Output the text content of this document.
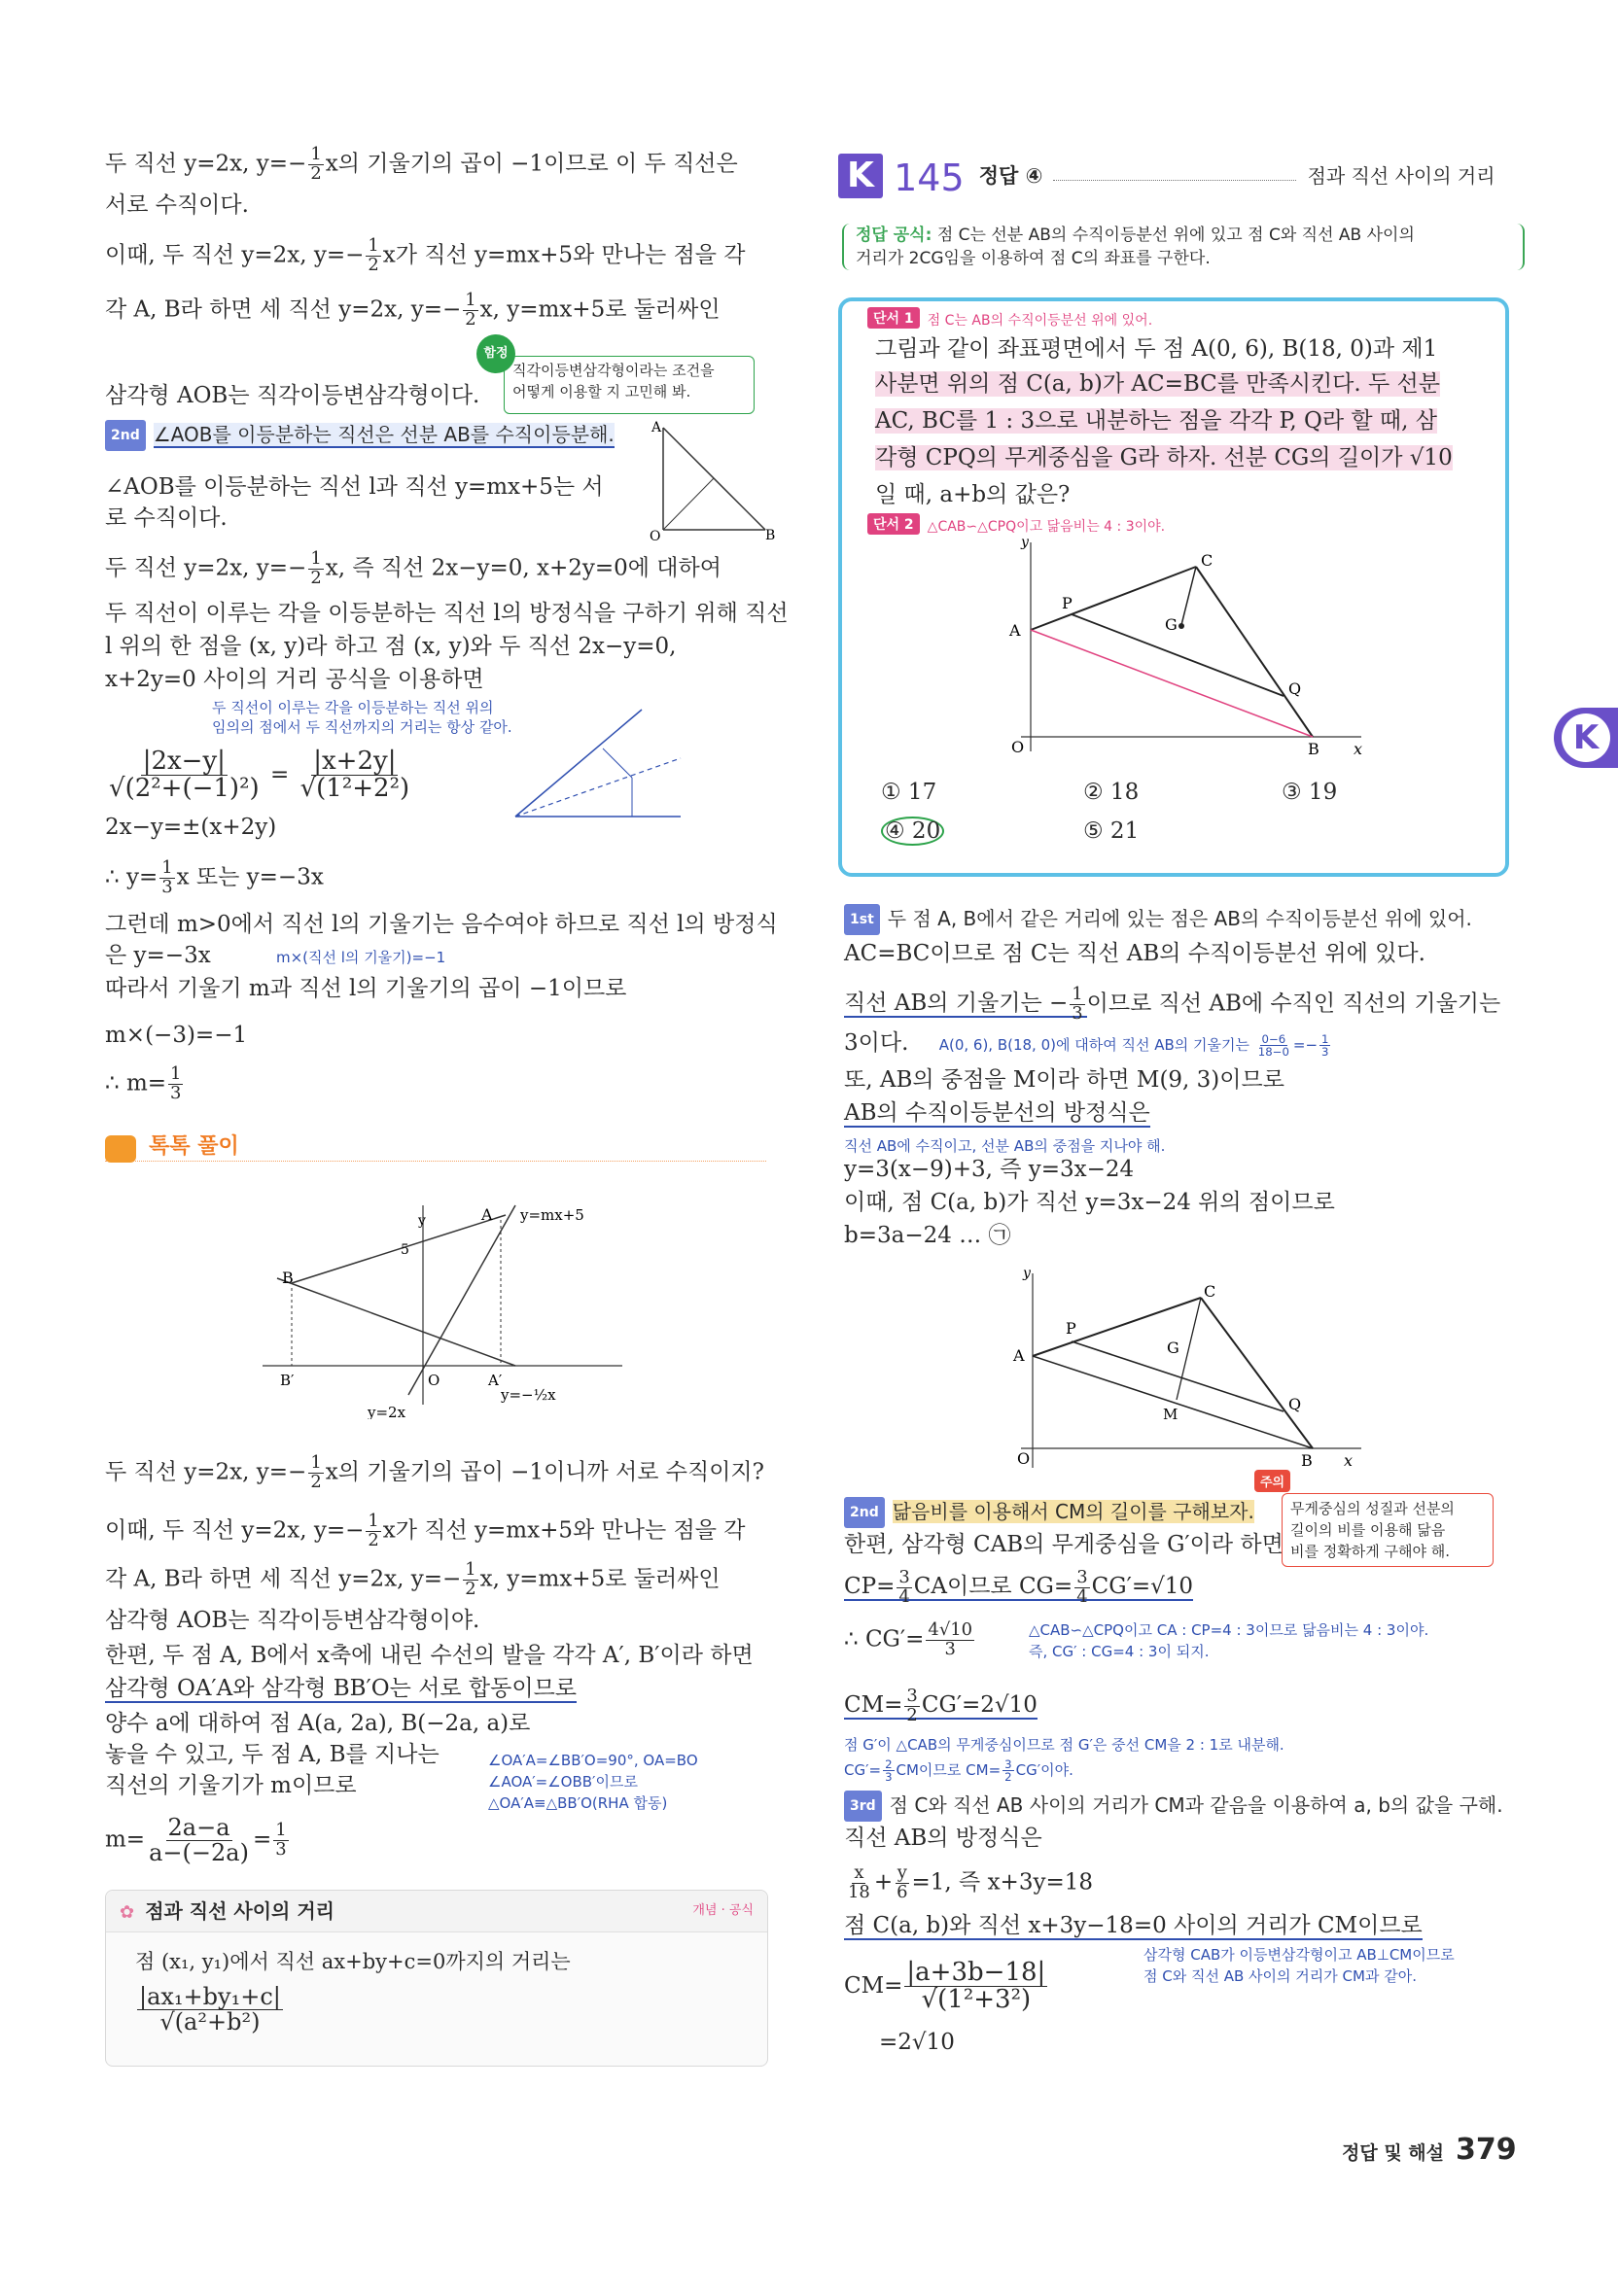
두 직선 y=2x, $y=- \frac{1}{2}$ x의 기울기의 곱이 −1이므로 이 두 직선은
서로 수직이다.
이때, 두 직선 y=2x, $y=- \frac{1}{2}$ x가 직선 y=mx+5와 만나는 점을 각
각 A, B라 하면 세 직선 y=2x, $y=- \frac{1}{2} x$, y=mx+5로 둘러싸인
함정
직각이등변삼각형이라는 조건을
어떻게 이용할 지 고민해 봐.
삼각형 AOB는 직각이등변삼각형이다.
2nd ∠AOB를 이등분하는 직선은 선분 AB를 수직이등분해.	A
O	B
∠AOB를 이등분하는 직선 l과 직선 y=mx+5는 서
로 수직이다.
두 직선 y=2x, $y=- \frac{1}{2} x$, 즉 직선 2x−y=0, x+2y=0에 대하여
두 직선이 이루는 각을 이등분하는 직선 l의 방정식을 구하기 위해 직선
l 위의 한 점을 (x, y)라 하고 점 (x, y)와 두 직선 2x−y=0,
x+2y=0 사이의 거리 공식을 이용하면
두 직선이 이루는 각을 이등분하는 직선 위의
임의의 점에서 두 직선까지의 거리는 항상 같아.
$\frac{|2x-y|}{\text{√(2²+(−1)²)}} = \frac{|x+2y|}{\text{√(1²+2²)}}$
2x−y=±(x+2y)
∴ $y= \frac{1}{3}$ x 또는 y=−3x
그런데 m>0에서 직선 l의 기울기는 음수여야 하므로 직선 l의 방정식
은 y=−3x	m×(직선 l의 기울기)=−1
따라서 기울기 m과 직선 l의 기울기의 곱이 −1이므로
m×(−3)=−1
∴ $m= \frac{1}{3}$
톡톡 풀이
y
5
B
B′	O	A′
A y=mx+5
y=−½x
y=2x
두 직선 y=2x, $y=- \frac{1}{2}$ x의 기울기의 곱이 −1이니까 서로 수직이지?
이때, 두 직선 y=2x, $y=- \frac{1}{2}$ x가 직선 y=mx+5와 만나는 점을 각
각 A, B라 하면 세 직선 y=2x, $y=- \frac{1}{2} x$, y=mx+5로 둘러싸인
삼각형 AOB는 직각이등변삼각형이야.
한편, 두 점 A, B에서 x축에 내린 수선의 발을 각각 A′, B′이라 하면
삼각형 OA′A와 삼각형 BB′O는 서로 합동이므로
양수 a에 대하여 점 A(a, 2a), B(−2a, a)로
놓을 수 있고, 두 점 A, B를 지나는
직선의 기울기가 m이므로
∠OA′A=∠BB′O=90°, OA=BO
∠AOA′=∠OBB′이므로
△OA′A≡△BB′O(RHA 합동)
$m= \frac{2a-a}{a-(-2a)} = \frac{1}{3}$
✿ 점과 직선 사이의 거리	개념 · 공식
점 (x₁, y₁)에서 직선 ax+by+c=0까지의 거리는
$\frac{\text{|ax₁+by₁+c|}}{\text{√(a²+b²)}}$
K 145 정답 ④	점과 직선 사이의 거리
정답 공식: 점 C는 선분 AB의 수직이등분선 위에 있고 점 C와 직선 AB 사이의
거리가 2CG임을 이용하여 점 C의 좌표를 구한다.
단서 1 점 C는 AB의 수직이등분선 위에 있어.
그림과 같이 좌표평면에서 두 점 A(0, 6), B(18, 0)과 제1
사분면 위의 점 C(a, b)가 AC=BC를 만족시킨다. 두 선분
AC, BC를 1 : 3으로 내분하는 점을 각각 P, Q라 할 때, 삼
각형 CPQ의 무게중심을 G라 하자. 선분 CG의 길이가 √10
일 때, a+b의 값은?
단서 2 △CAB∽△CPQ이고 닮음비는 4 : 3이야.
y
A
P
C
G
Q
O	B x
① 17	② 18	③ 19
④ 20	⑤ 21
1st 두 점 A, B에서 같은 거리에 있는 점은 AB의 수직이등분선 위에 있어.
AC=BC이므로 점 C는 직선 AB의 수직이등분선 위에 있다.
직선 AB의 기울기는 − $\frac{1}{3}$ 이므로 직선 AB에 수직인 직선의 기울기는
3이다. A(0, 6), B(18, 0)에 대하여 직선 AB의 기울기는 $\frac{0-6}{18-0} =- \frac{1}{3}$
또, AB의 중점을 M이라 하면 M(9, 3)이므로
AB의 수직이등분선의 방정식은
직선 AB에 수직이고, 선분 AB의 중점을 지나야 해.
y=3(x−9)+3, 즉 y=3x−24
이때, 점 C(a, b)가 직선 y=3x−24 위의 점이므로
b=3a−24 … ㉠
y
A
P
C
G
M
Q
O	B x
주의
무게중심의 성질과 선분의
길이의 비를 이용해 닮음
비를 정확하게 구해야 해.
2nd 닮음비를 이용해서 CM의 길이를 구해보자.
한편, 삼각형 CAB의 무게중심을 G′이라 하면
$CP= \frac{3}{4}$ CA이므로 $CG= \frac{3}{4} CG'=√10$
∴ $CG'= \frac{4√10}{3}$	△CAB∽△CPQ이고 CA : CP=4 : 3이므로 닮음비는 4 : 3이야.
즉, CG′ : CG=4 : 3이 되지.
$CM= \frac{3}{2} CG'=2√10$
점 G′이 △CAB의 무게중심이므로 점 G′은 중선 CM을 2 : 1로 내분해.
$CG'= \frac{2}{3}$ CM이므로 $CM= \frac{3}{2} CG'$이야.
3rd 점 C와 직선 AB 사이의 거리가 CM과 같음을 이용하여 a, b의 값을 구해.
직선 AB의 방정식은
$\frac{x}{18} + \frac{y}{6} =1$, 즉 x+3y=18
점 C(a, b)와 직선 x+3y−18=0 사이의 거리가 CM이므로
삼각형 CAB가 이등변삼각형이고 AB⊥CM이므로
점 C와 직선 AB 사이의 거리가 CM과 같아.
$CM= \frac{|a+3b-18|}{\text{√(1²+3²)}}$
=2√10
K
정답 및 해설 379
